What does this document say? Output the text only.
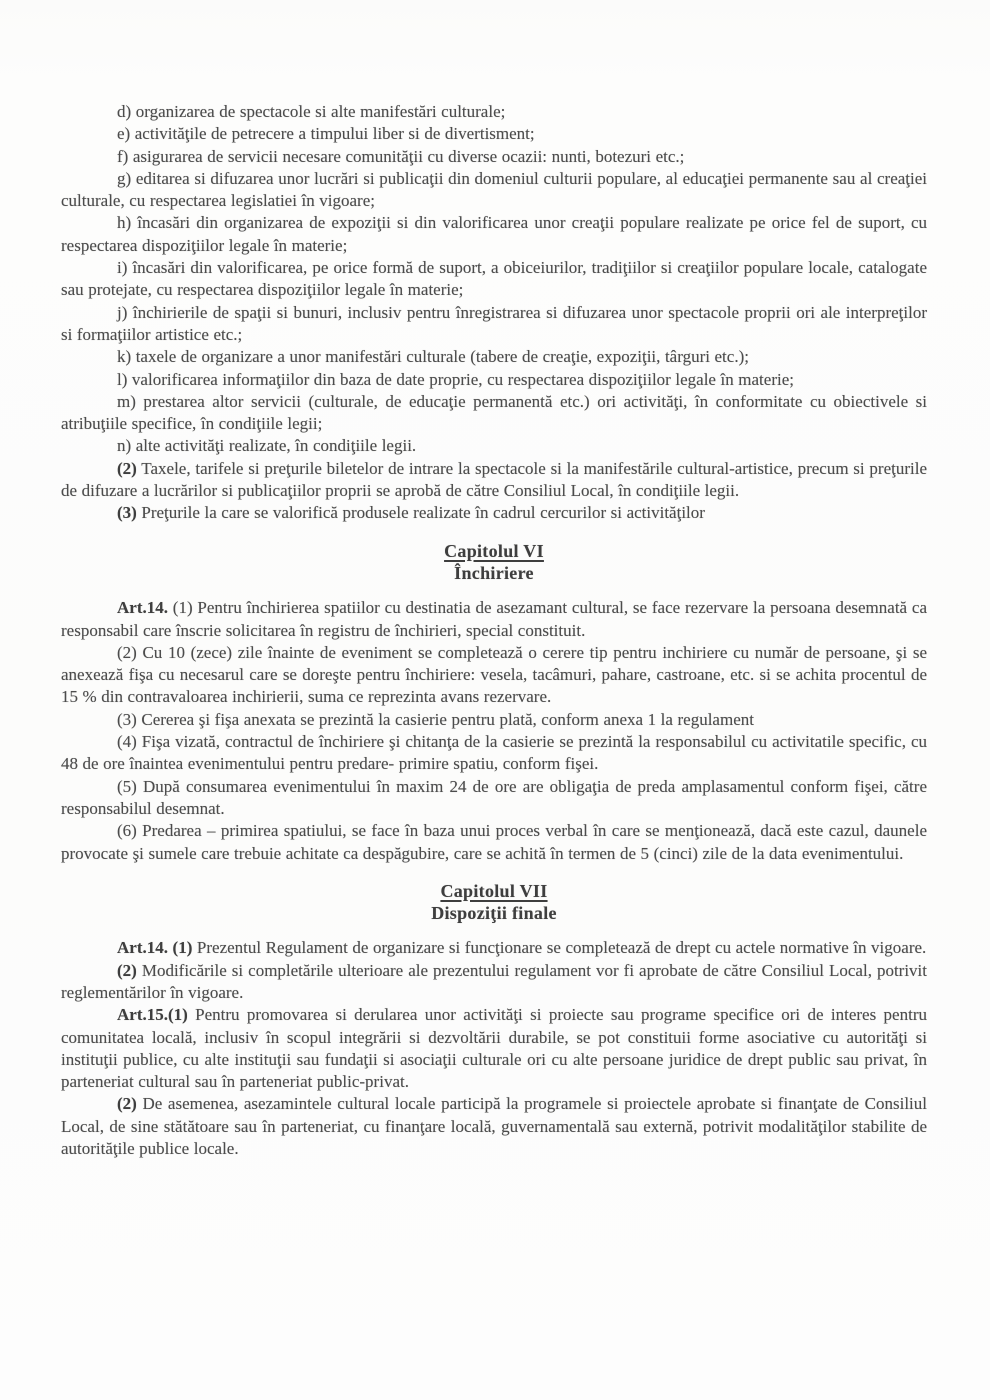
d) organizarea de spectacole si alte manifestări culturale;

e) activităţile de petrecere a timpului liber si de divertisment;

f) asigurarea de servicii necesare comunităţii cu diverse ocazii: nunti, botezuri etc.;

g) editarea si difuzarea unor lucrări si publicaţii din domeniul culturii populare, al educaţiei permanente sau al creaţiei culturale, cu respectarea legislatiei în vigoare;

h) încasări din organizarea de expoziţii si din valorificarea unor creaţii populare realizate pe orice fel de suport, cu respectarea dispoziţiilor legale în materie;

i) încasări din valorificarea, pe orice formă de suport, a obiceiurilor, tradiţiilor si creaţiilor populare locale, catalogate sau protejate, cu respectarea dispoziţiilor legale în materie;

j) închirierile de spaţii si bunuri, inclusiv pentru înregistrarea si difuzarea unor spectacole proprii ori ale interpreţilor si formaţiilor artistice etc.;

k) taxele de organizare a unor manifestări culturale (tabere de creaţie, expoziţii, târguri etc.);

l) valorificarea informaţiilor din baza de date proprie, cu respectarea dispoziţiilor legale în materie;

m) prestarea altor servicii (culturale, de educaţie permanentă etc.) ori activităţi, în conformitate cu obiectivele si atribuţiile specifice, în condiţiile legii;

n) alte activităţi realizate, în condiţiile legii.

(2) Taxele, tarifele si preţurile biletelor de intrare la spectacole si la manifestările cultural-artistice, precum si preţurile de difuzare a lucrărilor si publicaţiilor proprii se aprobă de către Consiliul Local, în condiţiile legii.

(3) Preţurile la care se valorifică produsele realizate în cadrul cercurilor si activităţilor

Capitolul VI
Închiriere

Art.14. (1) Pentru închirierea spatiilor cu destinatia de asezamant cultural, se face rezervare la persoana desemnată ca responsabil care înscrie solicitarea în registru de închirieri, special constituit.

(2) Cu 10 (zece) zile înainte de eveniment se completează o cerere tip pentru inchiriere cu număr de persoane, şi se anexează fişa cu necesarul care se doreşte pentru închiriere: vesela, tacâmuri, pahare, castroane, etc. si se achita procentul de 15 % din contravaloarea inchirierii, suma ce reprezinta avans rezervare.

(3) Cererea şi fişa anexata se prezintă la casierie pentru plată, conform anexa 1 la regulament

(4) Fişa vizată, contractul de închiriere şi chitanţa de la casierie se prezintă la responsabilul cu activitatile specific, cu 48 de ore înaintea evenimentului pentru predare- primire spatiu, conform fişei.

(5) După consumarea evenimentului în maxim 24 de ore are obligaţia de preda amplasamentul conform fişei, către responsabilul desemnat.

(6) Predarea – primirea spatiului, se face în baza unui proces verbal în care se menţionează, dacă este cazul, daunele provocate şi sumele care trebuie achitate ca despăgubire, care se achită în termen de 5 (cinci) zile de la data evenimentului.

Capitolul VII
Dispoziţii finale

Art.14. (1) Prezentul Regulament de organizare si funcţionare se completează de drept cu actele normative în vigoare.

(2) Modificările si completările ulterioare ale prezentului regulament vor fi aprobate de către Consiliul Local, potrivit reglementărilor în vigoare.

Art.15.(1) Pentru promovarea si derularea unor activităţi si proiecte sau programe specifice ori de interes pentru comunitatea locală, inclusiv în scopul integrării si dezvoltării durabile, se pot constituii forme asociative cu autorităţi si instituţii publice, cu alte instituţii sau fundaţii si asociaţii culturale ori cu alte persoane juridice de drept public sau privat, în parteneriat cultural sau în parteneriat public-privat.

(2) De asemenea, asezamintele cultural locale participă la programele si proiectele aprobate si finanţate de Consiliul Local, de sine stătătoare sau în parteneriat, cu finanţare locală, guvernamentală sau externă, potrivit modalităţilor stabilite de autorităţile publice locale.
